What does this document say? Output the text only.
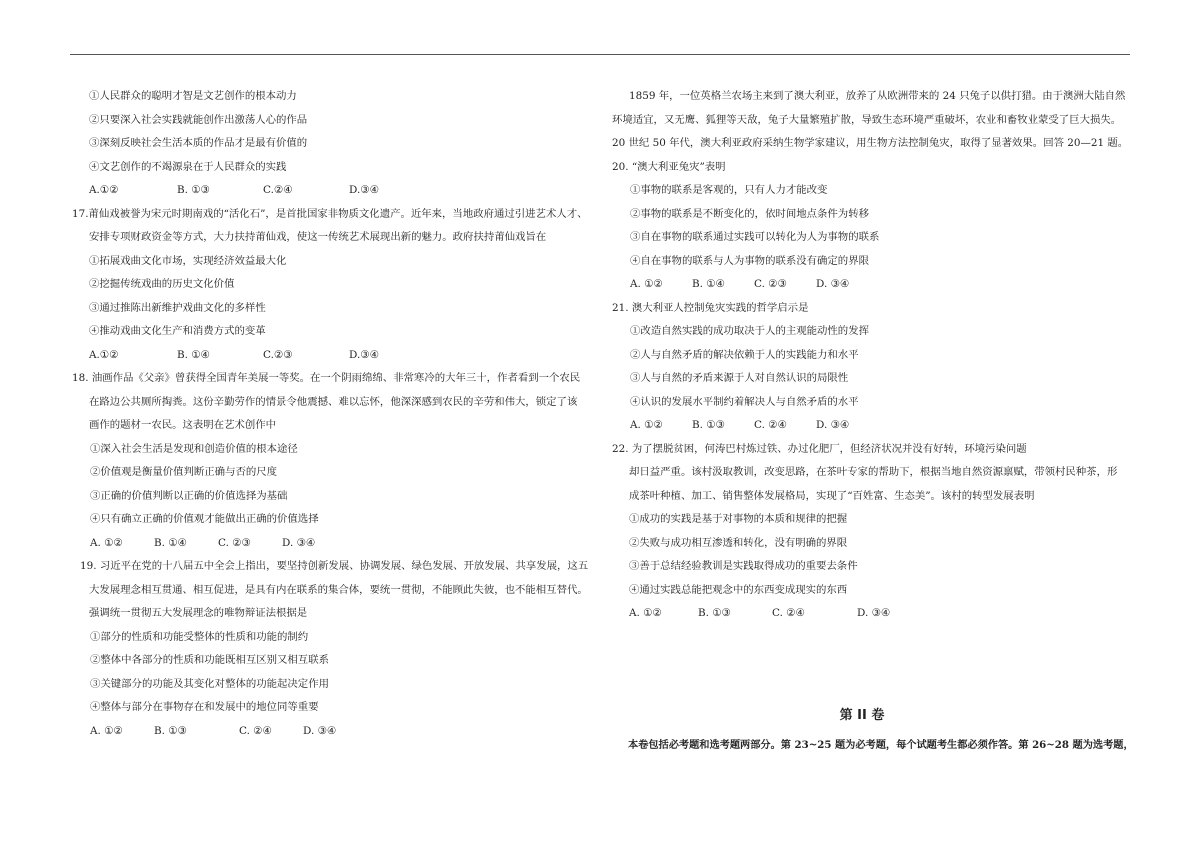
①人民群众的聪明才智是文艺创作的根本动力
②只要深入社会实践就能创作出激荡人心的作品
③深刻反映社会生活本质的作品才是最有价值的
④文艺创作的不竭源泉在于人民群众的实践
A.①②	B. ①③	C.②④	D.③④
17.莆仙戏被誉为宋元时期南戏的“活化石”，是首批国家非物质文化遗产。近年来，当地政府通过引进艺术人才、
安排专项财政资金等方式，大力扶持莆仙戏，使这一传统艺术展现出新的魅力。政府扶持莆仙戏旨在
①拓展戏曲文化市场，实现经济效益最大化
②挖掘传统戏曲的历史文化价值
③通过推陈出新维护戏曲文化的多样性
④推动戏曲文化生产和消费方式的变革
A.①②	B. ①④	C.②③	D.③④
18. 油画作品《父亲》曾获得全国青年美展一等奖。在一个阴雨绵绵、非常寒冷的大年三十，作者看到一个农民
在路边公共厕所掏粪。这份辛勤劳作的情景令他震撼、难以忘怀，他深深感到农民的辛劳和伟大，锁定了该
画作的题材一农民。这表明在艺术创作中
①深入社会生活是发现和创造价值的根本途径
②价值观是衡量价值判断正确与否的尺度
③正确的价值判断以正确的价值选择为基础
④只有确立正确的价值观才能做出正确的价值选择
A. ①②	B. ①④	C. ②③	D. ③④
19. 习近平在党的十八届五中全会上指出，要坚持创新发展、协调发展、绿色发展、开放发展、共享发展，这五
大发展理念相互贯通、相互促进，是具有内在联系的集合体，要统一贯彻，不能顾此失彼，也不能相互替代。
强调统一贯彻五大发展理念的唯物辩证法根据是
①部分的性质和功能受整体的性质和功能的制约
②整体中各部分的性质和功能既相互区别又相互联系
③关键部分的功能及其变化对整体的功能起决定作用
④整体与部分在事物存在和发展中的地位同等重要
A. ①②	B. ①③	C. ②④	D. ③④
1859 年，一位英格兰农场主来到了澳大利亚，放养了从欧洲带来的 24 只兔子以供打猎。由于澳洲大陆自然
环境适宜，又无鹰、狐狸等天敌，兔子大量繁殖扩散，导致生态环境严重破坏，农业和畜牧业蒙受了巨大损失。
20 世纪 50 年代，澳大利亚政府采纳生物学家建议，用生物方法控制兔灾，取得了显著效果。回答 20—21 题。
20. “澳大利亚兔灾”表明
①事物的联系是客观的，只有人力才能改变
②事物的联系是不断变化的，依时间地点条件为转移
③自在事物的联系通过实践可以转化为人为事物的联系
④自在事物的联系与人为事物的联系没有确定的界限
A. ①②	B. ①④	C. ②③	D. ③④
21. 澳大利亚人控制兔灾实践的哲学启示是
①改造自然实践的成功取决于人的主观能动性的发挥
②人与自然矛盾的解决依赖于人的实践能力和水平
③人与自然的矛盾来源于人对自然认识的局限性
④认识的发展水平制约着解决人与自然矛盾的水平
A. ①②	B. ①③	C. ②④	D. ③④
22. 为了摆脱贫困，何涛巴村炼过铁、办过化肥厂，但经济状况并没有好转，环境污染问题
却日益严重。该村汲取教训，改变思路，在茶叶专家的帮助下，根据当地自然资源禀赋，带领村民种茶，形
成茶叶种植、加工、销售整体发展格局，实现了“百姓富、生态美”。该村的转型发展表明
①成功的实践是基于对事物的本质和规律的把握
②失败与成功相互渗透和转化，没有明确的界限
③善于总结经验教训是实践取得成功的重要去条件
④通过实践总能把观念中的东西变成现实的东西
A. ①②	B. ①③	C. ②④	D. ③④
第 II 卷
本卷包括必考题和选考题两部分。第 23~25 题为必考题，每个试题考生都必须作答。第 26~28 题为选考题，
